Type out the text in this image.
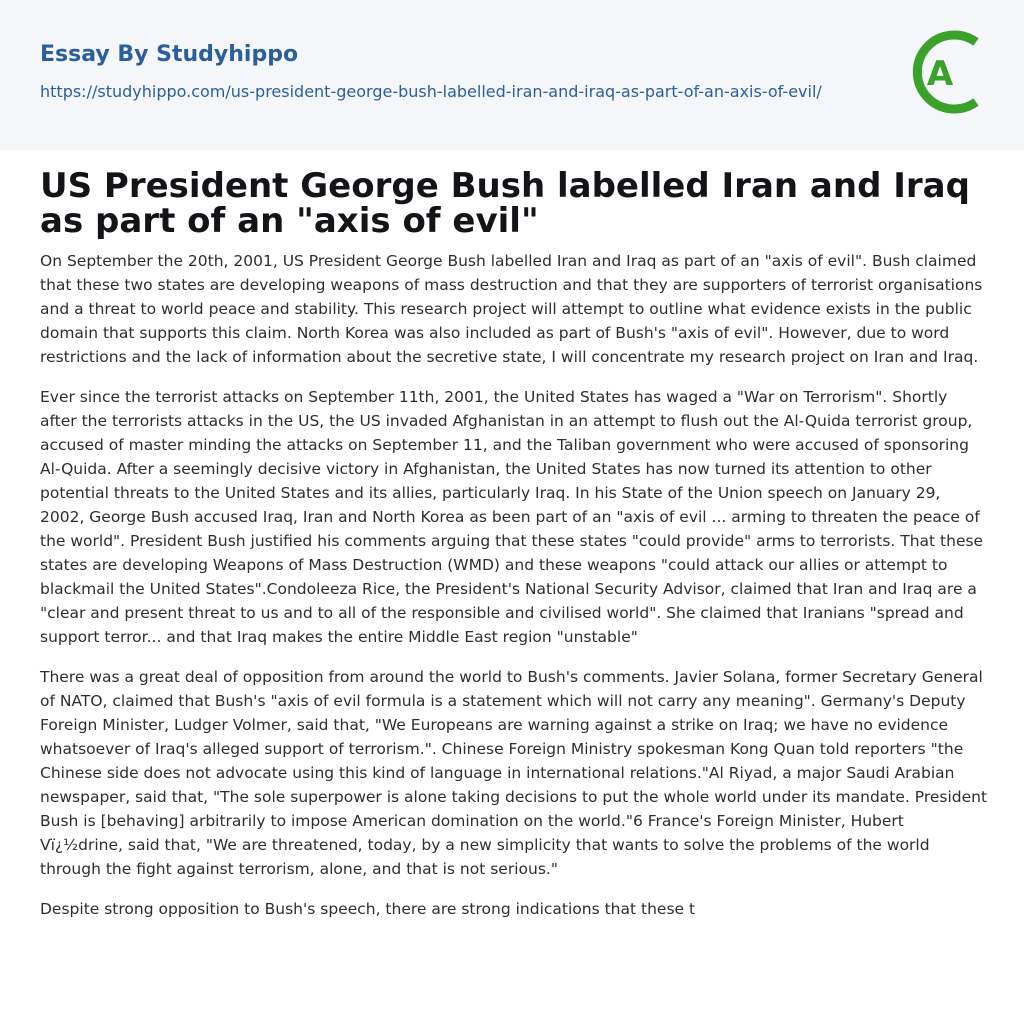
Essay By Studyhippo
https://studyhippo.com/us-president-george-bush-labelled-iran-and-iraq-as-part-of-an-axis-of-evil/	A
US President George Bush labelled Iran and Iraq as part of an "axis of evil"

On September the 20th, 2001, US President George Bush labelled Iran and Iraq as part of an "axis of evil". Bush claimed that these two states are developing weapons of mass destruction and that they are supporters of terrorist organisations and a threat to world peace and stability. This research project will attempt to outline what evidence exists in the public domain that supports this claim. North Korea was also included as part of Bush's "axis of evil". However, due to word restrictions and the lack of information about the secretive state, I will concentrate my research project on Iran and Iraq.

Ever since the terrorist attacks on September 11th, 2001, the United States has waged a "War on Terrorism". Shortly after the terrorists attacks in the US, the US invaded Afghanistan in an attempt to flush out the Al-Quida terrorist group, accused of master minding the attacks on September 11, and the Taliban government who were accused of sponsoring Al-Quida. After a seemingly decisive victory in Afghanistan, the United States has now turned its attention to other potential threats to the United States and its allies, particularly Iraq. In his State of the Union speech on January 29, 2002, George Bush accused Iraq, Iran and North Korea as been part of an "axis of evil ... arming to threaten the peace of the world". President Bush justified his comments arguing that these states "could provide" arms to terrorists. That these states are developing Weapons of Mass Destruction (WMD) and these weapons "could attack our allies or attempt to blackmail the United States".Condoleeza Rice, the President's National Security Advisor, claimed that Iran and Iraq are a "clear and present threat to us and to all of the responsible and civilised world". She claimed that Iranians "spread and support terror... and that Iraq makes the entire Middle East region "unstable"

There was a great deal of opposition from around the world to Bush's comments. Javier Solana, former Secretary General of NATO, claimed that Bush's "axis of evil formula is a statement which will not carry any meaning". Germany's Deputy Foreign Minister, Ludger Volmer, said that, "We Europeans are warning against a strike on Iraq; we have no evidence whatsoever of Iraq's alleged support of terrorism.". Chinese Foreign Ministry spokesman Kong Quan told reporters "the Chinese side does not advocate using this kind of language in international relations."Al Riyad, a major Saudi Arabian newspaper, said that, "The sole superpower is alone taking decisions to put the whole world under its mandate. President Bush is [behaving] arbitrarily to impose American domination on the world."6 France's Foreign Minister, Hubert Vï¿½drine, said that, "We are threatened, today, by a new simplicity that wants to solve the problems of the world through the fight against terrorism, alone, and that is not serious."

Despite strong opposition to Bush's speech, there are strong indications that these t
